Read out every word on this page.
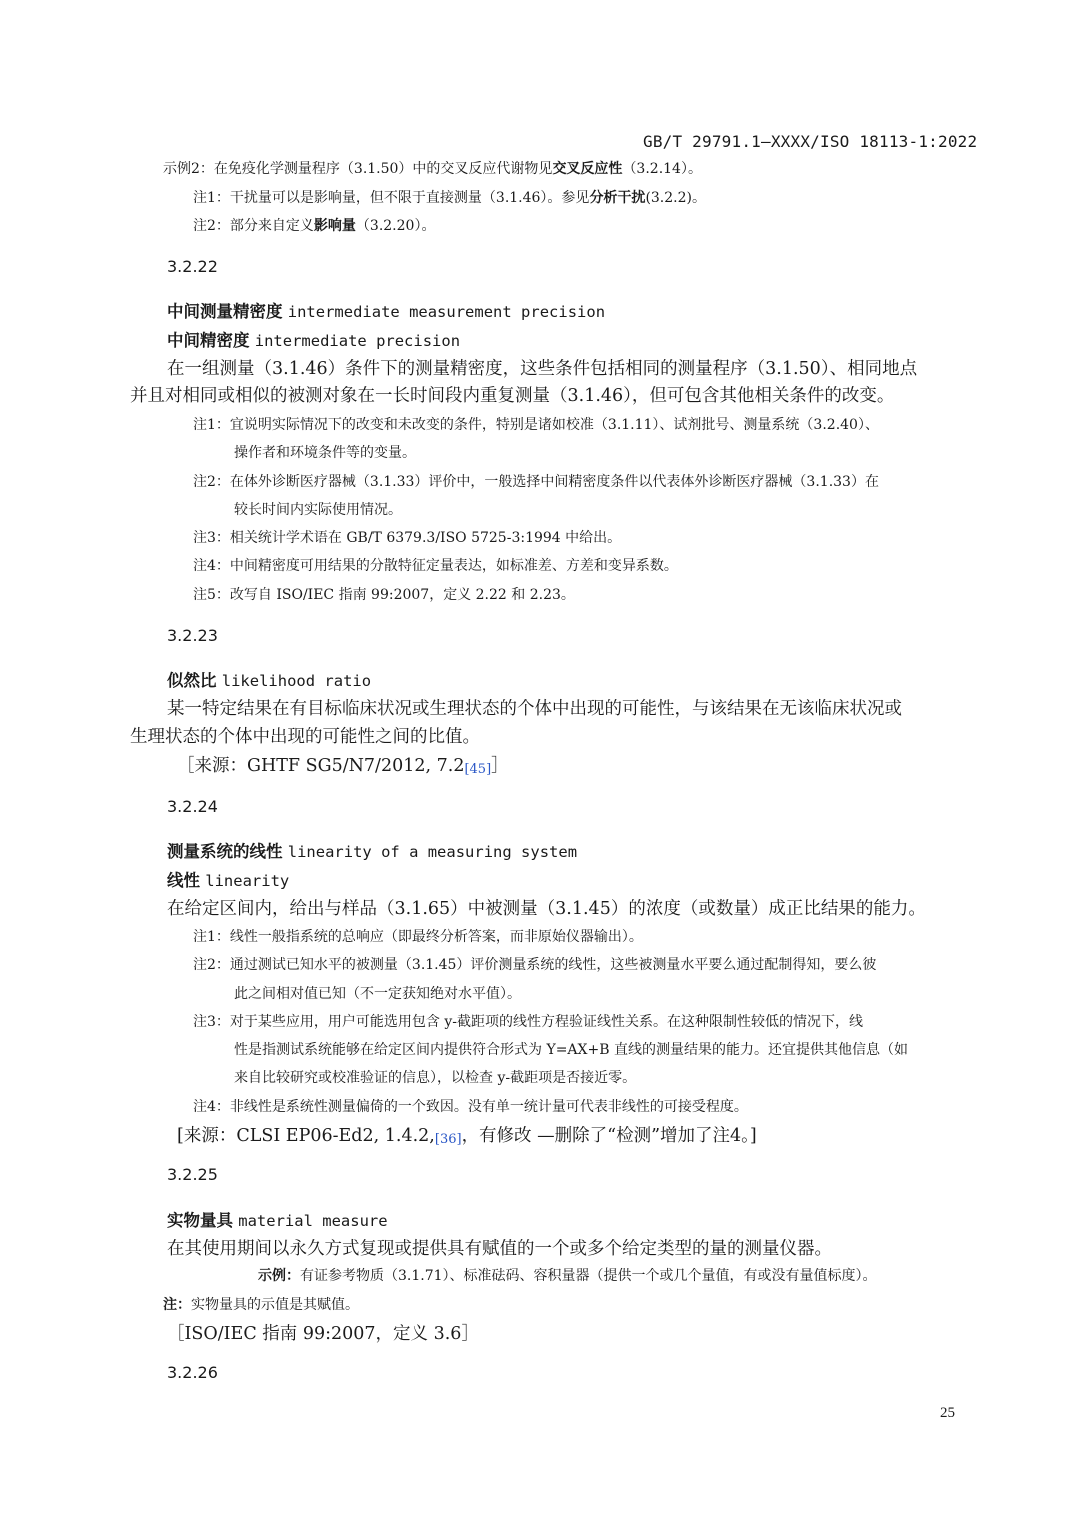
GB/T 29791.1—XXXX/ISO 18113-1:2022
示例2：在免疫化学测量程序（3.1.50）中的交叉反应代谢物见交叉反应性（3.2.14）。
注1：干扰量可以是影响量，但不限于直接测量（3.1.46）。参见分析干扰(3.2.2)。
注2：部分来自定义影响量（3.2.20）。
3.2.22
中间测量精密度 intermediate measurement precision
中间精密度 intermediate precision
在一组测量（3.1.46）条件下的测量精密度，这些条件包括相同的测量程序（3.1.50）、相同地点
并且对相同或相似的被测对象在一长时间段内重复测量（3.1.46），但可包含其他相关条件的改变。
注1：宜说明实际情况下的改变和未改变的条件，特别是诸如校准（3.1.11）、试剂批号、测量系统（3.2.40）、
操作者和环境条件等的变量。
注2：在体外诊断医疗器械（3.1.33）评价中，一般选择中间精密度条件以代表体外诊断医疗器械（3.1.33）在
较长时间内实际使用情况。
注3：相关统计学术语在 GB/T 6379.3/ISO 5725-3:1994 中给出。
注4：中间精密度可用结果的分散特征定量表达，如标准差、方差和变异系数。
注5：改写自 ISO/IEC 指南 99:2007，定义 2.22 和 2.23。
3.2.23
似然比 likelihood ratio
某一特定结果在有目标临床状况或生理状态的个体中出现的可能性，与该结果在无该临床状况或
生理状态的个体中出现的可能性之间的比值。
［来源：GHTF SG5/N7/2012, 7.2[45]］
3.2.24
测量系统的线性 linearity of a measuring system
线性 linearity
在给定区间内，给出与样品（3.1.65）中被测量（3.1.45）的浓度（或数量）成正比结果的能力。
注1：线性一般指系统的总响应（即最终分析答案，而非原始仪器输出）。
注2：通过测试已知水平的被测量（3.1.45）评价测量系统的线性，这些被测量水平要么通过配制得知，要么彼
此之间相对值已知（不一定获知绝对水平值）。
注3：对于某些应用，用户可能选用包含 y-截距项的线性方程验证线性关系。在这种限制性较低的情况下，线
性是指测试系统能够在给定区间内提供符合形式为 Y=AX+B 直线的测量结果的能力。还宜提供其他信息（如
来自比较研究或校准验证的信息），以检查 y-截距项是否接近零。
注4：非线性是系统性测量偏倚的一个致因。没有单一统计量可代表非线性的可接受程度。
[来源：CLSI EP06-Ed2, 1.4.2,[36]，有修改 —删除了“检测”增加了注4。]
3.2.25
实物量具 material measure
在其使用期间以永久方式复现或提供具有赋值的一个或多个给定类型的量的测量仪器。
示例：有证参考物质（3.1.71）、标准砝码、容积量器（提供一个或几个量值，有或没有量值标度）。
注：实物量具的示值是其赋值。
［ISO/IEC 指南 99:2007，定义 3.6］
3.2.26
25
